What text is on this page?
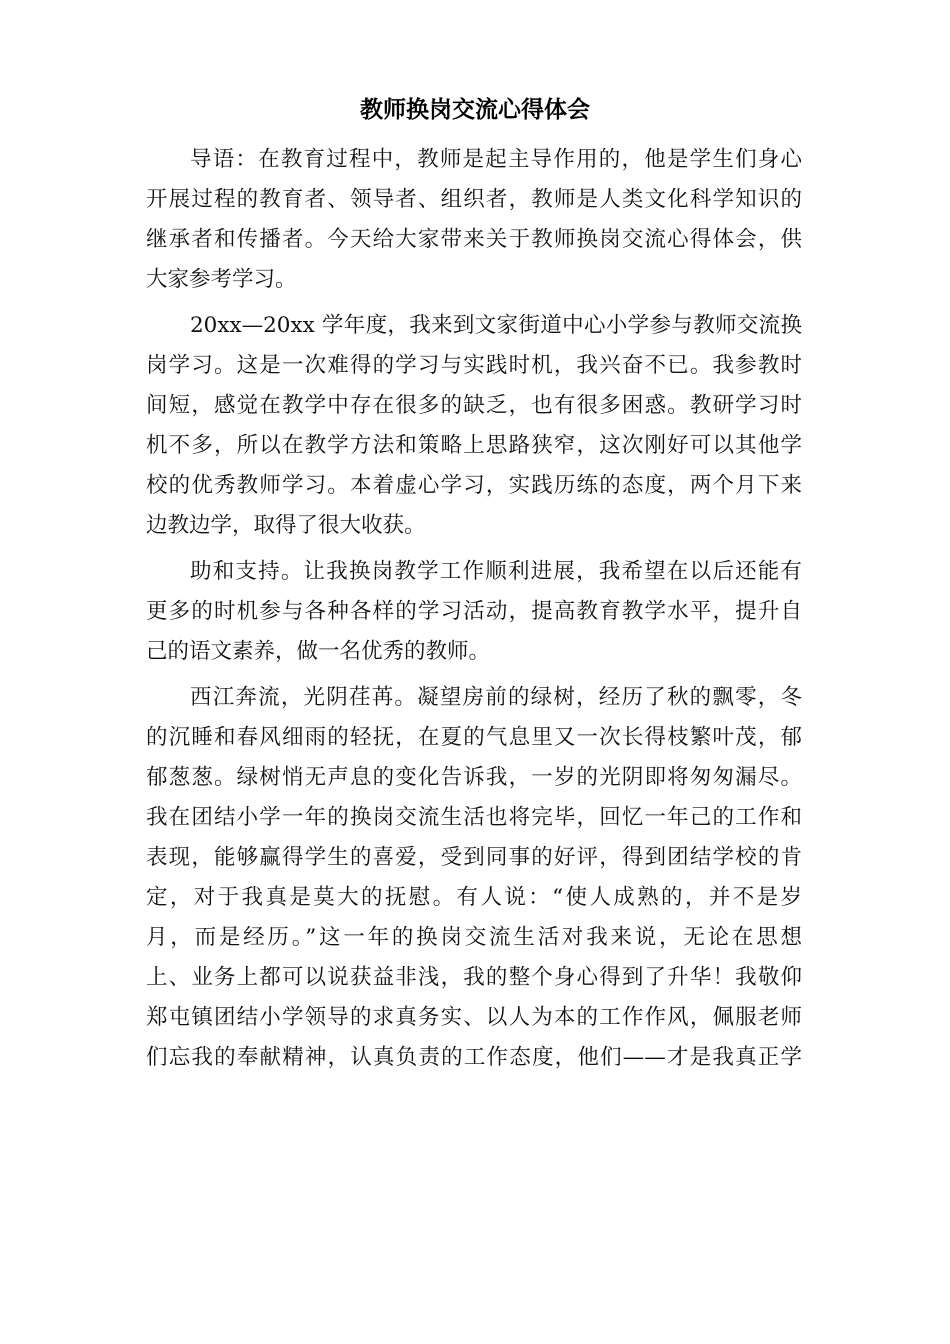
教师换岗交流心得体会
导语：在教育过程中，教师是起主导作用的，他是学生们身心
开展过程的教育者、领导者、组织者，教师是人类文化科学知识的
继承者和传播者。今天给大家带来关于教师换岗交流心得体会，供
大家参考学习。
20xx—20xx 学年度，我来到文家街道中心小学参与教师交流换
岗学习。这是一次难得的学习与实践时机，我兴奋不已。我参教时
间短，感觉在教学中存在很多的缺乏，也有很多困惑。教研学习时
机不多，所以在教学方法和策略上思路狭窄，这次刚好可以其他学
校的优秀教师学习。本着虚心学习，实践历练的态度，两个月下来
边教边学，取得了很大收获。
助和支持。让我换岗教学工作顺利进展，我希望在以后还能有
更多的时机参与各种各样的学习活动，提高教育教学水平，提升自
己的语文素养，做一名优秀的教师。
西江奔流，光阴荏苒。凝望房前的绿树，经历了秋的飘零，冬
的沉睡和春风细雨的轻抚，在夏的气息里又一次长得枝繁叶茂，郁
郁葱葱。绿树悄无声息的变化告诉我，一岁的光阴即将匆匆漏尽。
我在团结小学一年的换岗交流生活也将完毕，回忆一年己的工作和
表现，能够赢得学生的喜爱，受到同事的好评，得到团结学校的肯
定，对于我真是莫大的抚慰。有人说：“使人成熟的，并不是岁
月，而是经历。”这一年的换岗交流生活对我来说，无论在思想
上、业务上都可以说获益非浅，我的整个身心得到了升华！我敬仰
郑屯镇团结小学领导的求真务实、以人为本的工作作风，佩服老师
们忘我的奉献精神，认真负责的工作态度，他们——才是我真正学
